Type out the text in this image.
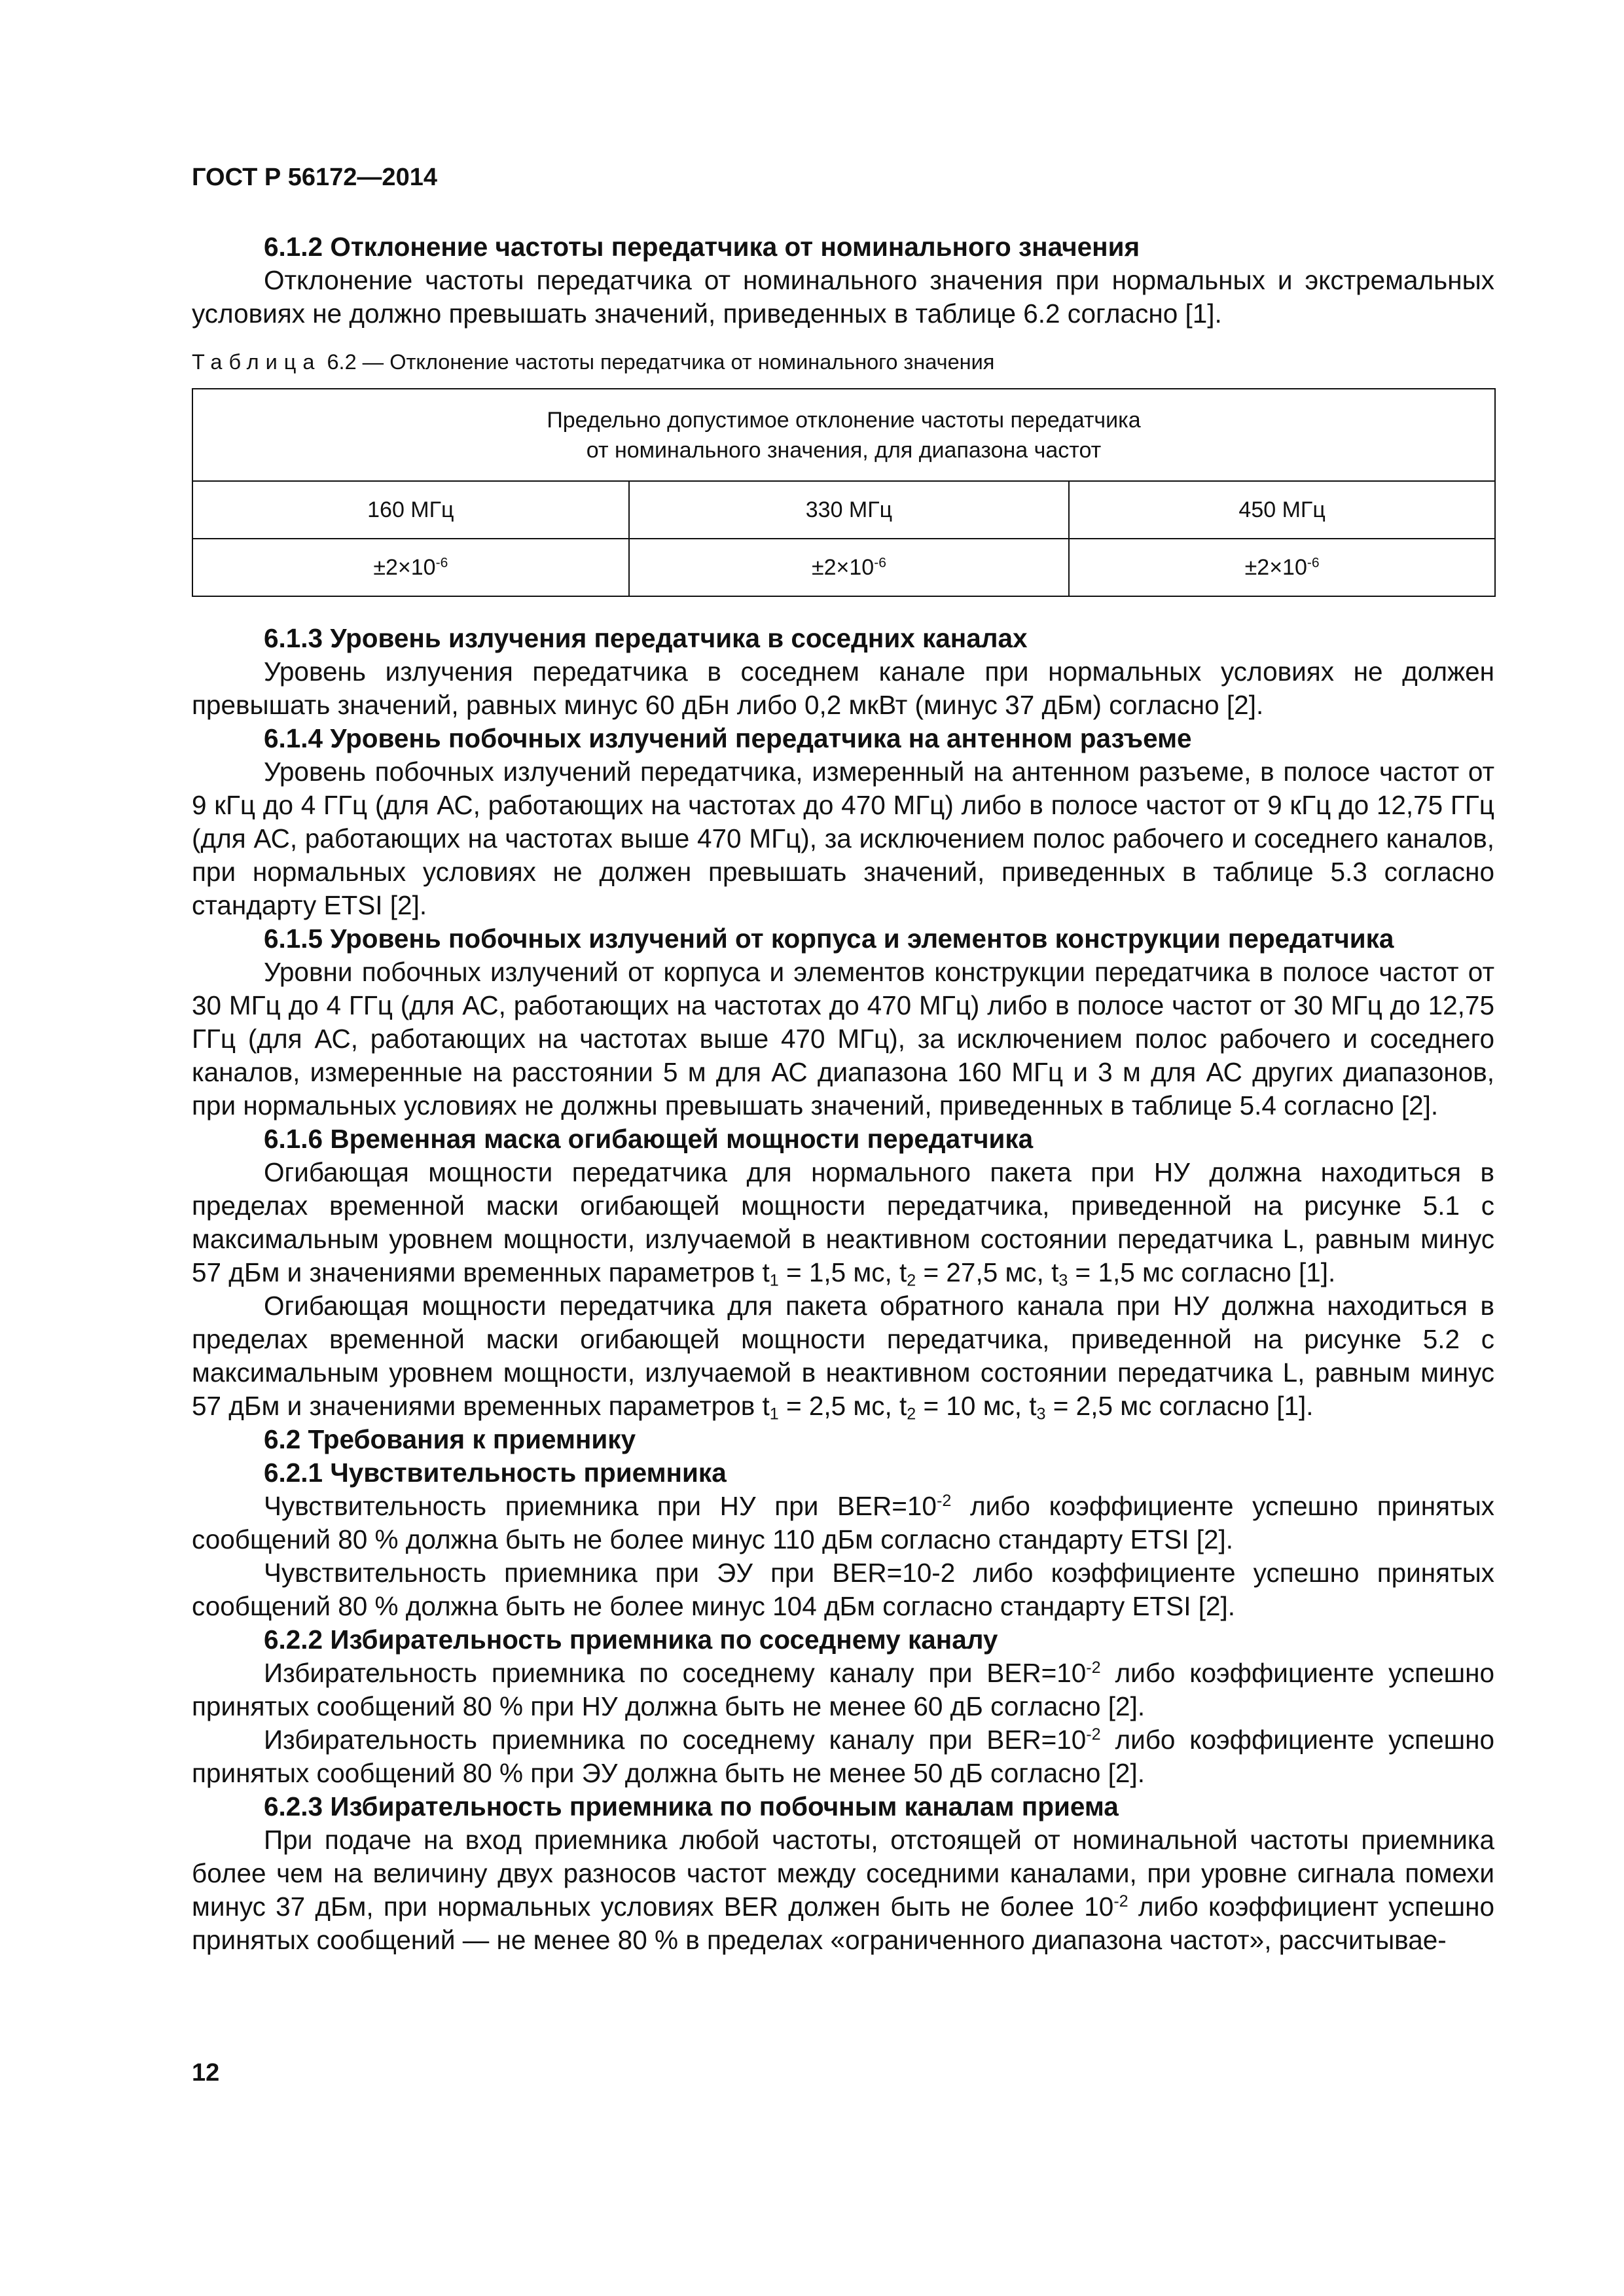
ГОСТ Р 56172—2014
6.1.2 Отклонение частоты передатчика от номинального значения

Отклонение частоты передатчика от номинального значения при нормальных и экстремальных условиях не должно превышать значений, приведенных в таблице 6.2 согласно [1].

Таблица 6.2 — Отклонение частоты передатчика от номинального значения
Предельно допустимое отклонение частоты передатчика
от номинального значения, для диапазона частот		

160 МГц	330 МГц	450 МГц
$\pm 2\times 10^{-6}$	$\pm 2\times 10^{-6}$	$\pm 2\times 10^{-6}$
6.1.3 Уровень излучения передатчика в соседних каналах

Уровень излучения передатчика в соседнем канале при нормальных условиях не должен превышать значений, равных минус 60 дБн либо 0,2 мкВт (минус 37 дБм) согласно [2].

6.1.4 Уровень побочных излучений передатчика на антенном разъеме

Уровень побочных излучений передатчика, измеренный на антенном разъеме, в полосе частот от 9 кГц до 4 ГГц (для АС, работающих на частотах до 470 МГц) либо в полосе частот от 9 кГц до 12,75 ГГц (для АС, работающих на частотах выше 470 МГц), за исключением полос рабочего и соседнего каналов, при нормальных условиях не должен превышать значений, приведенных в таблице 5.3 согласно стандарту ETSI [2].

6.1.5 Уровень побочных излучений от корпуса и элементов конструкции передатчика

Уровни побочных излучений от корпуса и элементов конструкции передатчика в полосе частот от 30 МГц до 4 ГГц (для АС, работающих на частотах до 470 МГц) либо в полосе частот от 30 МГц до 12,75 ГГц (для АС, работающих на частотах выше 470 МГц), за исключением полос рабочего и соседнего каналов, измеренные на расстоянии 5 м для АС диапазона 160 МГц и 3 м для АС других диапазонов, при нормальных условиях не должны превышать значений, приведенных в таблице 5.4 согласно [2].

6.1.6 Временная маска огибающей мощности передатчика

Огибающая мощности передатчика для нормального пакета при НУ должна находиться в пределах временной маски огибающей мощности передатчика, приведенной на рисунке 5.1 с максимальным уровнем мощности, излучаемой в неактивном состоянии передатчика L, равным минус 57 дБм и значениями временных параметров $t_1 = 1,5$ мс, $t_2 = 27,5$ мс, $t_3 = 1,5$ мс согласно [1].

Огибающая мощности передатчика для пакета обратного канала при НУ должна находиться в пределах временной маски огибающей мощности передатчика, приведенной на рисунке 5.2 с максимальным уровнем мощности, излучаемой в неактивном состоянии передатчика L, равным минус 57 дБм и значениями временных параметров $t_1 = 2,5$ мс, $t_2 = 10$ мс, $t_3 = 2,5$ мс согласно [1].

6.2 Требования к приемнику
6.2.1 Чувствительность приемника

Чувствительность приемника при НУ при $BER=10^{-2}$ либо коэффициенте успешно принятых сообщений 80 % должна быть не более минус 110 дБм согласно стандарту ETSI [2].

Чувствительность приемника при ЭУ при BER=10-2 либо коэффициенте успешно принятых сообщений 80 % должна быть не более минус 104 дБм согласно стандарту ETSI [2].

6.2.2 Избирательность приемника по соседнему каналу

Избирательность приемника по соседнему каналу при $BER=10^{-2}$ либо коэффициенте успешно принятых сообщений 80 % при НУ должна быть не менее 60 дБ согласно [2].

Избирательность приемника по соседнему каналу при $BER=10^{-2}$ либо коэффициенте успешно принятых сообщений 80 % при ЭУ должна быть не менее 50 дБ согласно [2].

6.2.3 Избирательность приемника по побочным каналам приема

При подаче на вход приемника любой частоты, отстоящей от номинальной частоты приемника более чем на величину двух разносов частот между соседними каналами, при уровне сигнала помехи минус 37 дБм, при нормальных условиях BER должен быть не более $10^{-2}$ либо коэффициент успешно принятых сообщений — не менее 80 % в пределах «ограниченного диапазона частот», рассчитывае-

12
